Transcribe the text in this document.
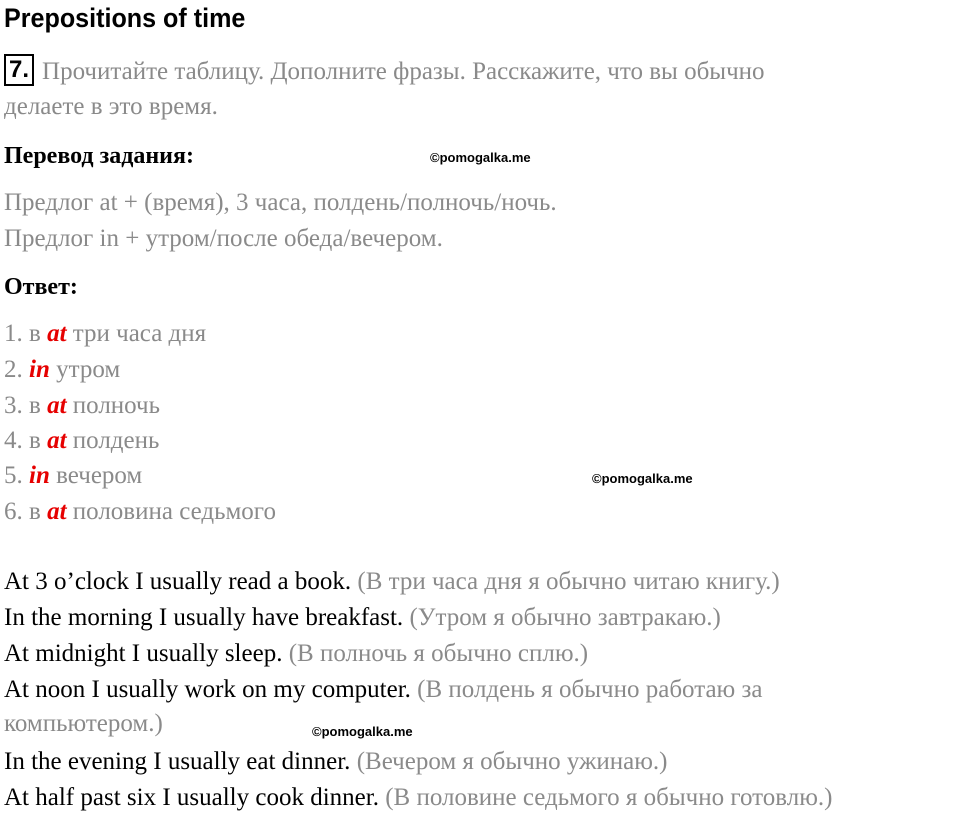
Prepositions of time
7. Прочитайте таблицу. Дополните фразы. Расскажите, что вы обычно
делаете в это время.
Перевод задания:	©pomogalka.me
Предлог at + (время), 3 часа, полдень/полночь/ночь.
Предлог in + утром/после обеда/вечером.
Ответ:
1. в at три часа дня
2. in утром
3. в at полночь
4. в at полдень
5. in вечером	©pomogalka.me
6. в at половина седьмого
At 3 o’clock I usually read a book. (В три часа дня я обычно читаю книгу.)
In the morning I usually have breakfast. (Утром я обычно завтракаю.)
At midnight I usually sleep. (В полночь я обычно сплю.)
At noon I usually work on my computer. (В полдень я обычно работаю за
компьютером.)	©pomogalka.me
In the evening I usually eat dinner. (Вечером я обычно ужинаю.)
At half past six I usually cook dinner. (В половине седьмого я обычно готовлю.)
